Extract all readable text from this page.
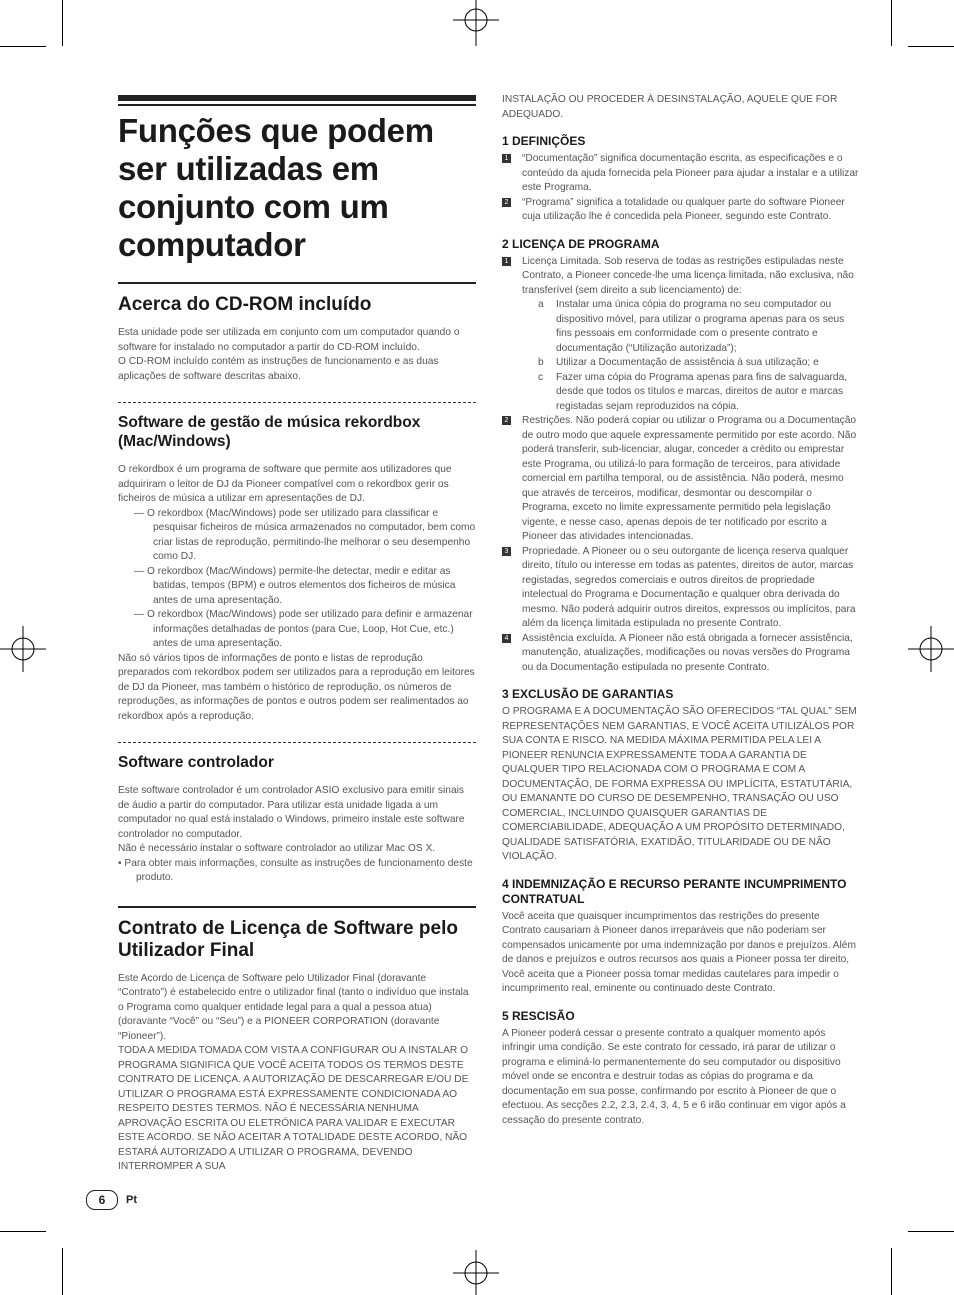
Funções que podem ser utilizadas em conjunto com um computador
Acerca do CD-ROM incluído

Esta unidade pode ser utilizada em conjunto com um computador quando o software for instalado no computador a partir do CD-ROM incluído.

O CD-ROM incluído contém as instruções de funcionamento e as duas aplicações de software descritas abaixo.

Software de gestão de música rekordbox (Mac/Windows)

O rekordbox é um programa de software que permite aos utilizadores que adquiriram o leitor de DJ da Pioneer compatível com o rekordbox gerir os ficheiros de música a utilizar em apresentações de DJ.

— O rekordbox (Mac/Windows) pode ser utilizado para classificar e pesquisar ficheiros de música armazenados no computador, bem como criar listas de reprodução, permitindo-lhe melhorar o seu desempenho como DJ.

— O rekordbox (Mac/Windows) permite-lhe detectar, medir e editar as batidas, tempos (BPM) e outros elementos dos ficheiros de música antes de uma apresentação.

— O rekordbox (Mac/Windows) pode ser utilizado para definir e armazenar informações detalhadas de pontos (para Cue, Loop, Hot Cue, etc.) antes de uma apresentação.

Não só vários tipos de informações de ponto e listas de reprodução preparados com rekordbox podem ser utilizados para a reprodução em leitores de DJ da Pioneer, mas também o histórico de reprodução, os números de reproduções, as informações de pontos e outros podem ser realimentados ao rekordbox após a reprodução.

Software controlador

Este software controlador é um controlador ASIO exclusivo para emitir sinais de áudio a partir do computador. Para utilizar esta unidade ligada a um computador no qual está instalado o Windows, primeiro instale este software controlador no computador.

Não é necessário instalar o software controlador ao utilizar Mac OS X.

• Para obter mais informações, consulte as instruções de funcionamento deste produto.

Contrato de Licença de Software pelo Utilizador Final

Este Acordo de Licença de Software pelo Utilizador Final (doravante “Contrato”) é estabelecido entre o utilizador final (tanto o indivíduo que instala o Programa como qualquer entidade legal para a qual a pessoa atua) (doravante “Você” ou “Seu”) e a PIONEER CORPORATION (doravante “Pioneer”).

TODA A MEDIDA TOMADA COM VISTA A CONFIGURAR OU A INSTALAR O PROGRAMA SIGNIFICA QUE VOCÊ ACEITA TODOS OS TERMOS DESTE CONTRATO DE LICENÇA. A AUTORIZAÇÃO DE DESCARREGAR E/OU DE UTILIZAR O PROGRAMA ESTÁ EXPRESSAMENTE CONDICIONADA AO RESPEITO DESTES TERMOS. NÃO É NECESSÁRIA NENHUMA APROVAÇÃO ESCRITA OU ELETRÓNICA PARA VALIDAR E EXECUTAR ESTE ACORDO. SE NÃO ACEITAR A TOTALIDADE DESTE ACORDO, NÃO ESTARÁ AUTORIZADO A UTILIZAR O PROGRAMA, DEVENDO INTERROMPER A SUA

INSTALAÇÃO OU PROCEDER À DESINSTALAÇÃO, AQUELE QUE FOR ADEQUADO.

1 DEFINIÇÕES
1 “Documentação” significa documentação escrita, as especificações e o conteúdo da ajuda fornecida pela Pioneer para ajudar a instalar e a utilizar este Programa.

2 “Programa” significa a totalidade ou qualquer parte do software Pioneer cuja utilização lhe é concedida pela Pioneer, segundo este Contrato.

2 LICENÇA DE PROGRAMA
1 Licença Limitada. Sob reserva de todas as restrições estipuladas neste Contrato, a Pioneer concede-lhe uma licença limitada, não exclusiva, não transferível (sem direito a sub licenciamento) de:

a	Instalar uma única cópia do programa no seu computador ou dispositivo móvel, para utilizar o programa apenas para os seus fins pessoais em conformidade com o presente contrato e documentação (“Utilização autorizada”);

b	Utilizar a Documentação de assistência à sua utilização; e

c	Fazer uma cópia do Programa apenas para fins de salvaguarda, desde que todos os títulos e marcas, direitos de autor e marcas registadas sejam reproduzidos na cópia.

2 Restrições. Não poderá copiar ou utilizar o Programa ou a Documentação de outro modo que aquele expressamente permitido por este acordo. Não poderá transferir, sub-licenciar, alugar, conceder a crédito ou emprestar este Programa, ou utilizá-lo para formação de terceiros, para atividade comercial em partilha temporal, ou de assistência. Não poderá, mesmo que através de terceiros, modificar, desmontar ou descompilar o Programa, exceto no limite expressamente permitido pela legislação vigente, e nesse caso, apenas depois de ter notificado por escrito a Pioneer das atividades intencionadas.

3 Propriedade. A Pioneer ou o seu outorgante de licença reserva qualquer direito, título ou interesse em todas as patentes, direitos de autor, marcas registadas, segredos comerciais e outros direitos de propriedade intelectual do Programa e Documentação e qualquer obra derivada do mesmo. Não poderá adquirir outros direitos, expressos ou implícitos, para além da licença limitada estipulada no presente Contrato.

4 Assistência excluída. A Pioneer não está obrigada a fornecer assistência, manutenção, atualizações, modificações ou novas versões do Programa ou da Documentação estipulada no presente Contrato.

3 EXCLUSÃO DE GARANTIAS

O PROGRAMA E A DOCUMENTAÇÃO SÃO OFERECIDOS “TAL QUAL” SEM REPRESENTAÇÕES NEM GARANTIAS, E VOCÊ ACEITA UTILIZÁLOS POR SUA CONTA E RISCO. NA MEDIDA MÁXIMA PERMITIDA PELA LEI A PIONEER RENUNCIA EXPRESSAMENTE TODA A GARANTIA DE QUALQUER TIPO RELACIONADA COM O PROGRAMA E COM A DOCUMENTAÇÃO, DE FORMA EXPRESSA OU IMPLÍCITA, ESTATUTÁRIA, OU EMANANTE DO CURSO DE DESEMPENHO, TRANSAÇÃO OU USO COMERCIAL, INCLUINDO QUAISQUER GARANTIAS DE COMERCIABILIDADE, ADEQUAÇÃO A UM PROPÓSITO DETERMINADO, QUALIDADE SATISFATÓRIA, EXATIDÃO, TITULARIDADE OU DE NÃO VIOLAÇÃO.

4 INDEMNIZAÇÃO E RECURSO PERANTE INCUMPRIMENTO CONTRATUAL

Você aceita que quaisquer incumprimentos das restrições do presente Contrato causariam à Pioneer danos irreparáveis que não poderiam ser compensados unicamente por uma indemnização por danos e prejuízos. Além de danos e prejuízos e outros recursos aos quais a Pioneer possa ter direito, Você aceita que a Pioneer possa tomar medidas cautelares para impedir o incumprimento real, eminente ou continuado deste Contrato.

5 RESCISÃO

A Pioneer poderá cessar o presente contrato a qualquer momento após infringir uma condição. Se este contrato for cessado, irá parar de utilizar o programa e eliminá-lo permanentemente do seu computador ou dispositivo móvel onde se encontra e destruir todas as cópias do programa e da documentação em sua posse, confirmando por escrito à Pioneer de que o efectuou. As secções 2.2, 2.3, 2.4, 3, 4, 5 e 6 irão continuar em vigor após a cessação do presente contrato.

6	Pt
